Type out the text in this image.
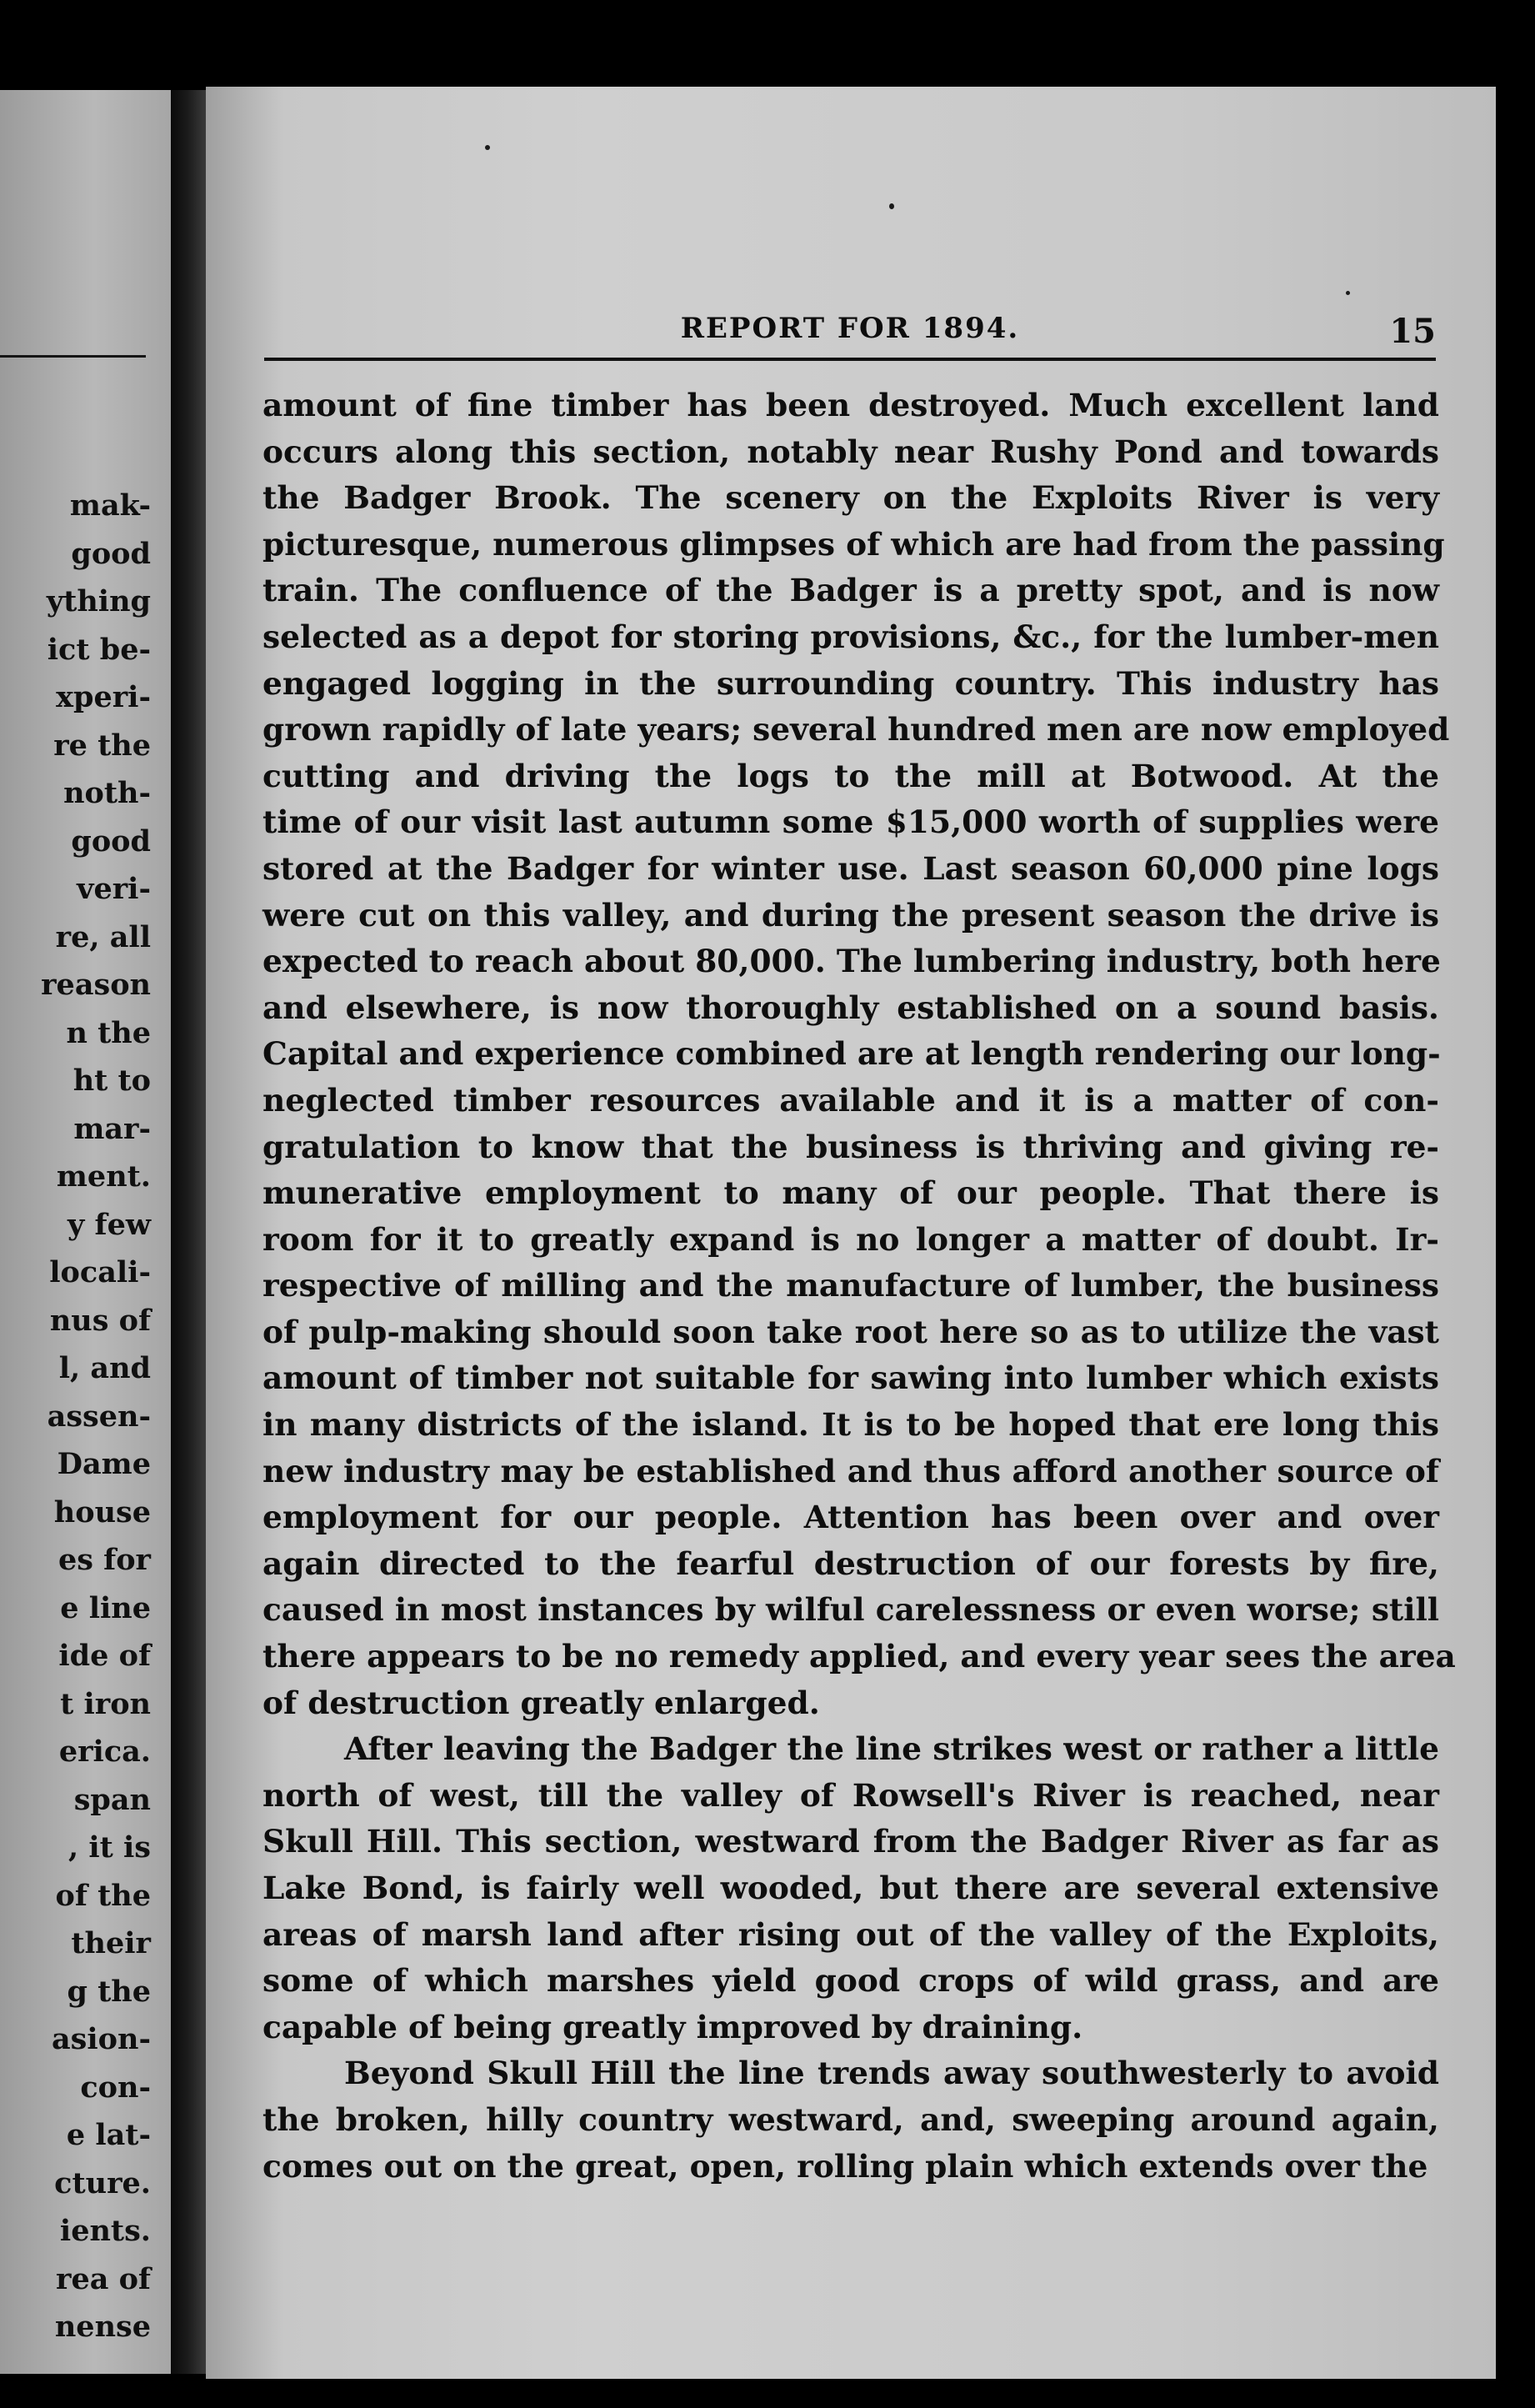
mak-
good
ything
ict be-
xperi-
re the
noth-
good
veri-
re, all
reason
n the
ht to
mar-
ment.
y few
locali-
nus of
l, and
assen-
Dame
house
es for
e line
ide of
t iron
erica.
span
, it is
of the
their
g the
asion-
con-
e lat-
cture.
ients.
rea of
nense
REPORT FOR 1894.	15
amount of fine timber has been destroyed. Much excellent land
occurs along this section, notably near Rushy Pond and towards
the Badger Brook. The scenery on the Exploits River is very
picturesque, numerous glimpses of which are had from the passing
train. The confluence of the Badger is a pretty spot, and is now
selected as a depot for storing provisions, &c., for the lumber-men
engaged logging in the surrounding country. This industry has
grown rapidly of late years; several hundred men are now employed
cutting and driving the logs to the mill at Botwood. At the
time of our visit last autumn some $15,000 worth of supplies were
stored at the Badger for winter use. Last season 60,000 pine logs
were cut on this valley, and during the present season the drive is
expected to reach about 80,000. The lumbering industry, both here
and elsewhere, is now thoroughly established on a sound basis.
Capital and experience combined are at length rendering our long-
neglected timber resources available and it is a matter of con-
gratulation to know that the business is thriving and giving re-
munerative employment to many of our people. That there is
room for it to greatly expand is no longer a matter of doubt. Ir-
respective of milling and the manufacture of lumber, the business
of pulp-making should soon take root here so as to utilize the vast
amount of timber not suitable for sawing into lumber which exists
in many districts of the island. It is to be hoped that ere long this
new industry may be established and thus afford another source of
employment for our people. Attention has been over and over
again directed to the fearful destruction of our forests by fire,
caused in most instances by wilful carelessness or even worse; still
there appears to be no remedy applied, and every year sees the area
of destruction greatly enlarged.
After leaving the Badger the line strikes west or rather a little
north of west, till the valley of Rowsell's River is reached, near
Skull Hill. This section, westward from the Badger River as far as
Lake Bond, is fairly well wooded, but there are several extensive
areas of marsh land after rising out of the valley of the Exploits,
some of which marshes yield good crops of wild grass, and are
capable of being greatly improved by draining.
Beyond Skull Hill the line trends away southwesterly to avoid
the broken, hilly country westward, and, sweeping around again,
comes out on the great, open, rolling plain which extends over the
